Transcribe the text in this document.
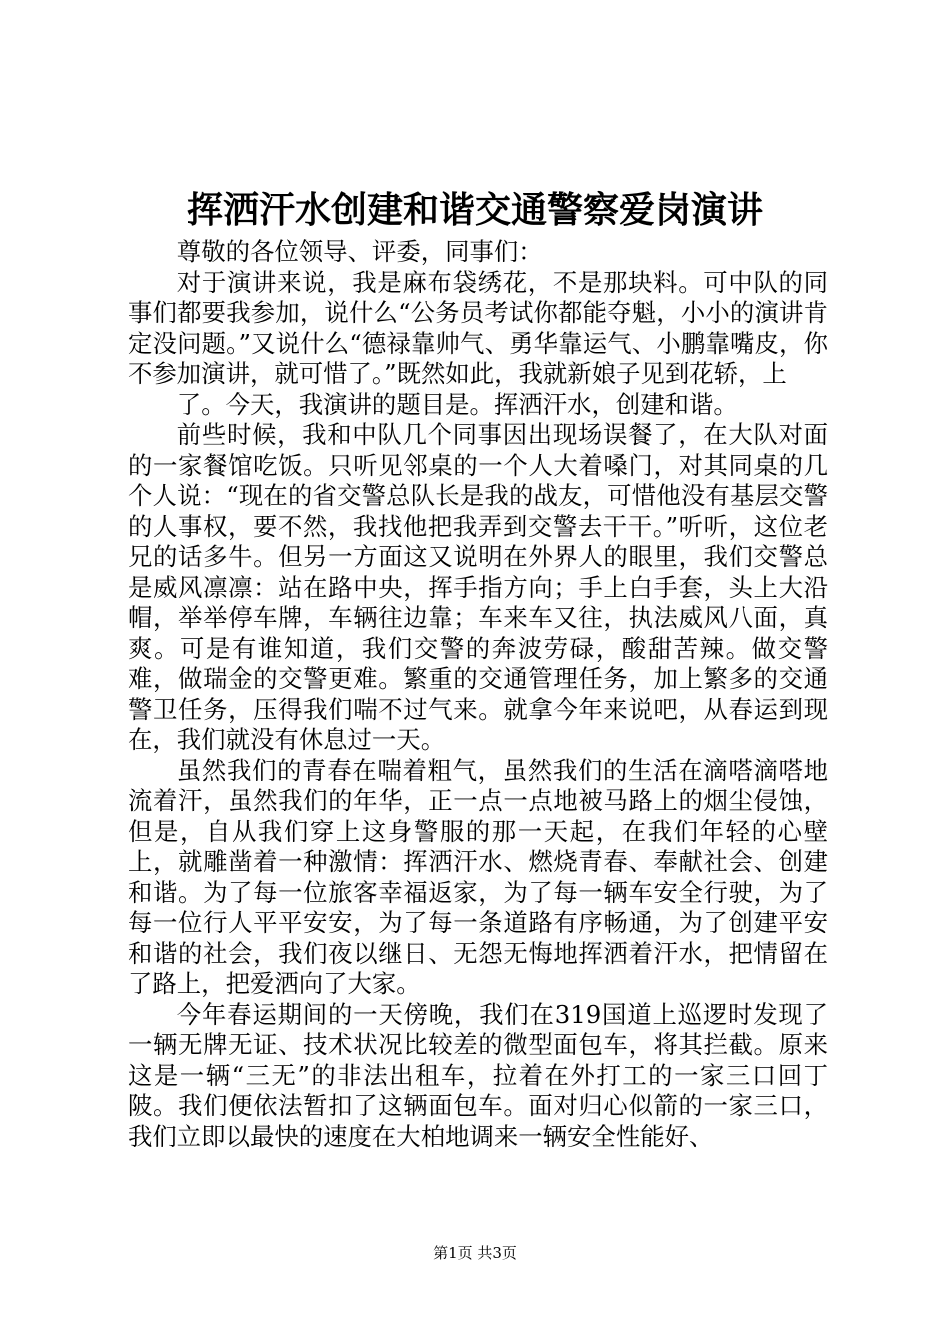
挥洒汗水创建和谐交通警察爱岗演讲

尊敬的各位领导、评委，同事们：

对于演讲来说，我是麻布袋绣花，不是那块料。可中队的同事们都要我参加，说什么“公务员考试你都能夺魁，小小的演讲肯定没问题。”又说什么“德禄靠帅气、勇华靠运气、小鹏靠嘴皮，你不参加演讲，就可惜了。”既然如此，我就新娘子见到花轿，上

了。今天，我演讲的题目是。挥洒汗水，创建和谐。

前些时候，我和中队几个同事因出现场误餐了，在大队对面的一家餐馆吃饭。只听见邻桌的一个人大着嗓门，对其同桌的几个人说：“现在的省交警总队长是我的战友，可惜他没有基层交警的人事权，要不然，我找他把我弄到交警去干干。”听听，这位老兄的话多牛。但另一方面这又说明在外界人的眼里，我们交警总是威风凛凛：站在路中央，挥手指方向；手上白手套，头上大沿帽，举举停车牌，车辆往边靠；车来车又往，执法威风八面，真爽。可是有谁知道，我们交警的奔波劳碌，酸甜苦辣。做交警难，做瑞金的交警更难。繁重的交通管理任务，加上繁多的交通警卫任务，压得我们喘不过气来。就拿今年来说吧，从春运到现在，我们就没有休息过一天。

虽然我们的青春在喘着粗气，虽然我们的生活在滴嗒滴嗒地流着汗，虽然我们的年华，正一点一点地被马路上的烟尘侵蚀，但是，自从我们穿上这身警服的那一天起，在我们年轻的心壁上，就雕凿着一种激情：挥洒汗水、燃烧青春、奉献社会、创建和谐。为了每一位旅客幸福返家，为了每一辆车安全行驶，为了每一位行人平平安安，为了每一条道路有序畅通，为了创建平安和谐的社会，我们夜以继日、无怨无悔地挥洒着汗水，把情留在了路上，把爱洒向了大家。

今年春运期间的一天傍晚，我们在319国道上巡逻时发现了一辆无牌无证、技术状况比较差的微型面包车，将其拦截。原来这是一辆“三无”的非法出租车，拉着在外打工的一家三口回丁陂。我们便依法暂扣了这辆面包车。面对归心似箭的一家三口，我们立即以最快的速度在大柏地调来一辆安全性能好、

第1页 共3页
